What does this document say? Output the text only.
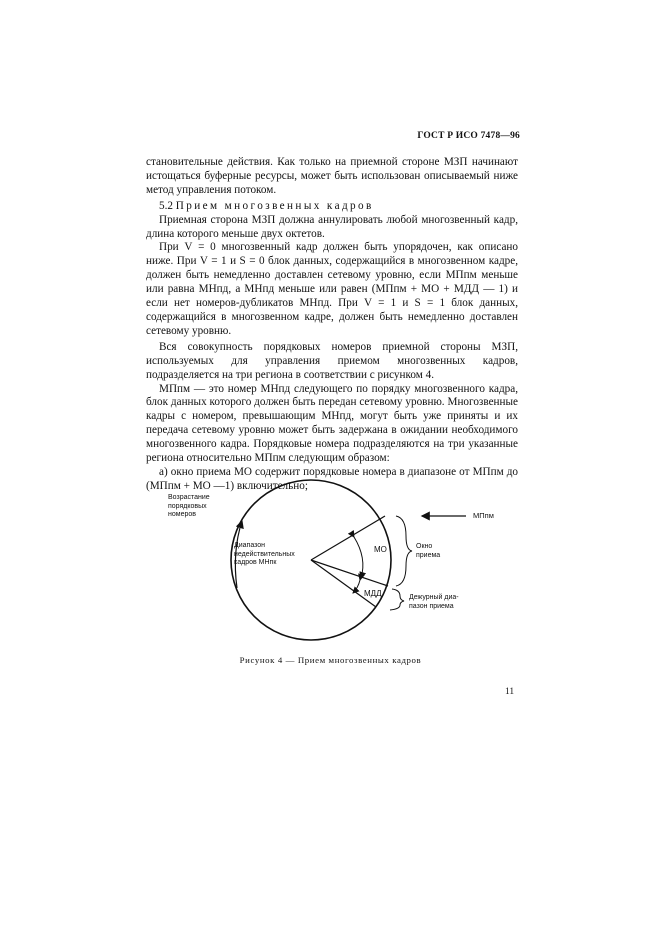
ГОСТ Р ИСО 7478—96

становительные действия. Как только на приемной стороне МЗП начинают истощаться буферные ресурсы, может быть использован описываемый ниже метод управления потоком.

5.2 Прием многозвенных кадров

Приемная сторона МЗП должна аннулировать любой многозвенный кадр, длина которого меньше двух октетов.

При V = 0 многозвенный кадр должен быть упорядочен, как описано ниже. При V = 1 и S = 0 блок данных, содержащийся в многозвенном кадре, должен быть немедленно доставлен сетевому уровню, если МПпм меньше или равна МНпд, а МНпд меньше или равен (МПпм + МО + МДД — 1) и если нет номеров-дубликатов МНпд. При V = 1 и S = 1 блок данных, содержащийся в многозвенном кадре, должен быть немедленно доставлен сетевому уровню.

Вся совокупность порядковых номеров приемной стороны МЗП, используемых для управления приемом многозвенных кадров, подразделяется на три региона в соответствии с рисунком 4.

МПпм — это номер МНпд следующего по порядку многозвенного кадра, блок данных которого должен быть передан сетевому уровню. Многозвенные кадры с номером, превышающим МНпд, могут быть уже приняты и их передача сетевому уровню может быть задержана в ожидании необходимого многозвенного кадра. Порядковые номера подразделяются на три указанные региона относительно МПпм следующим образом:

а) окно приема МО содержит порядковые номера в диапазоне от МПпм до (МПпм + МО —1) включительно;

Возрастание
порядковых
номеров
Диапазон
недействительных
кадров МНпк
МО
МДД
Окно
приема
Дежурный диа-
пазон приема
МПпм
Рисунок 4 — Прием многозвенных кадров
11
